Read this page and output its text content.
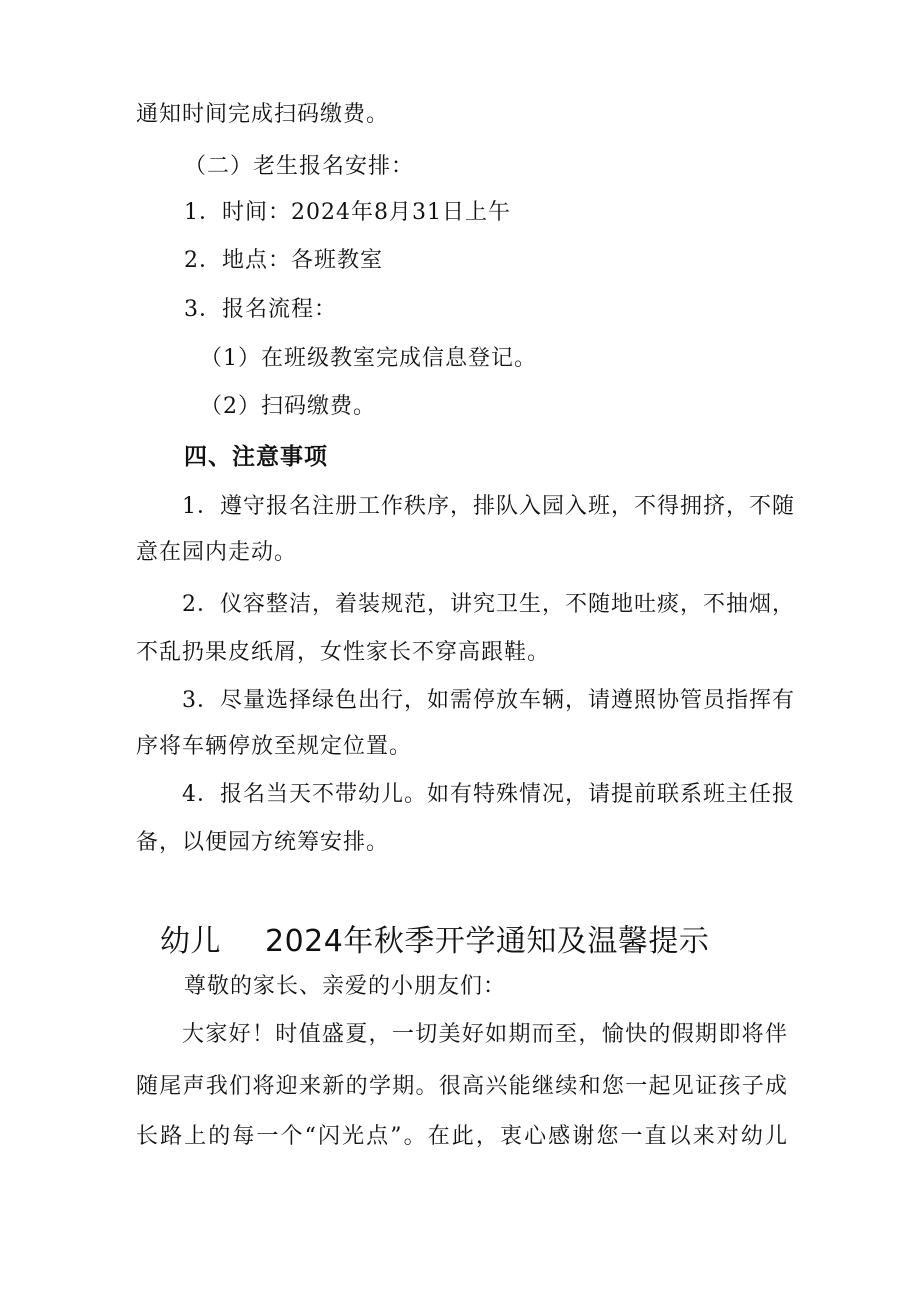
通知时间完成扫码缴费。
（二）老生报名安排：
1．时间：2024年8月31日上午
2．地点：各班教室
3．报名流程：
（1）在班级教室完成信息登记。
（2）扫码缴费。
四、注意事项
1．遵守报名注册工作秩序，排队入园入班，不得拥挤，不随
意在园内走动。
2．仪容整洁，着装规范，讲究卫生，不随地吐痰，不抽烟，
不乱扔果皮纸屑，女性家长不穿高跟鞋。
3．尽量选择绿色出行，如需停放车辆，请遵照协管员指挥有
序将车辆停放至规定位置。
4．报名当天不带幼儿。如有特殊情况，请提前联系班主任报
备，以便园方统筹安排。
幼儿 2024年秋季开学通知及温馨提示
尊敬的家长、亲爱的小朋友们：
大家好！时值盛夏，一切美好如期而至，愉快的假期即将伴
随尾声我们将迎来新的学期。很高兴能继续和您一起见证孩子成
长路上的每一个“闪光点”。在此，衷心感谢您一直以来对幼儿
